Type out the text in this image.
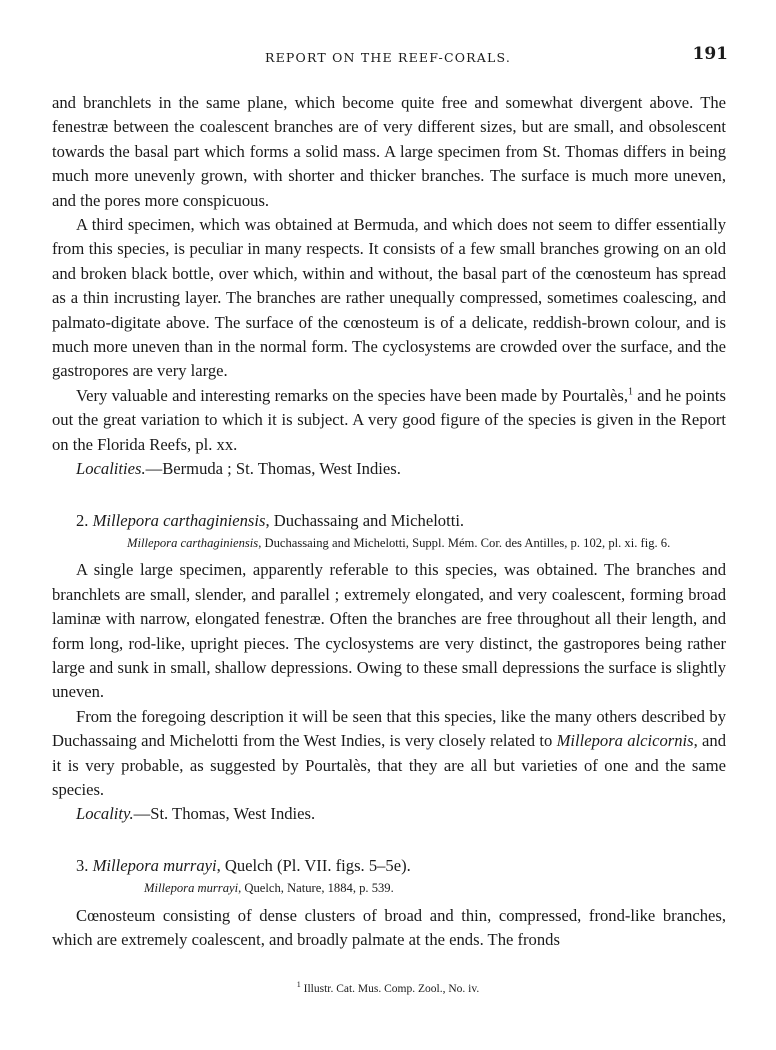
REPORT ON THE REEF-CORALS.	191

and branchlets in the same plane, which become quite free and somewhat divergent above. The fenestræ between the coalescent branches are of very different sizes, but are small, and obsolescent towards the basal part which forms a solid mass. A large specimen from St. Thomas differs in being much more unevenly grown, with shorter and thicker branches. The surface is much more uneven, and the pores more conspicuous.

A third specimen, which was obtained at Bermuda, and which does not seem to differ essentially from this species, is peculiar in many respects. It consists of a few small branches growing on an old and broken black bottle, over which, within and without, the basal part of the cœnosteum has spread as a thin incrusting layer. The branches are rather unequally compressed, sometimes coalescing, and palmato-digitate above. The surface of the cœnosteum is of a delicate, reddish-brown colour, and is much more uneven than in the normal form. The cyclosystems are crowded over the surface, and the gastropores are very large.

Very valuable and interesting remarks on the species have been made by Pourtalès,$^1$ and he points out the great variation to which it is subject. A very good figure of the species is given in the Report on the Florida Reefs, pl. xx.

Localities.—Bermuda ; St. Thomas, West Indies.

2. Millepora carthaginiensis, Duchassaing and Michelotti.

Millepora carthaginiensis, Duchassaing and Michelotti, Suppl. Mém. Cor. des Antilles, p. 102, pl. xi. fig. 6.

A single large specimen, apparently referable to this species, was obtained. The branches and branchlets are small, slender, and parallel ; extremely elongated, and very coalescent, forming broad laminæ with narrow, elongated fenestræ. Often the branches are free throughout all their length, and form long, rod-like, upright pieces. The cyclosystems are very distinct, the gastropores being rather large and sunk in small, shallow depressions. Owing to these small depressions the surface is slightly uneven.

From the foregoing description it will be seen that this species, like the many others described by Duchassaing and Michelotti from the West Indies, is very closely related to Millepora alcicornis, and it is very probable, as suggested by Pourtalès, that they are all but varieties of one and the same species.

Locality.—St. Thomas, West Indies.

3. Millepora murrayi, Quelch (Pl. VII. figs. 5–5e).

Millepora murrayi, Quelch, Nature, 1884, p. 539.

Cœnosteum consisting of dense clusters of broad and thin, compressed, frond-like branches, which are extremely coalescent, and broadly palmate at the ends. The fronds

$^1$ Illustr. Cat. Mus. Comp. Zool., No. iv.
